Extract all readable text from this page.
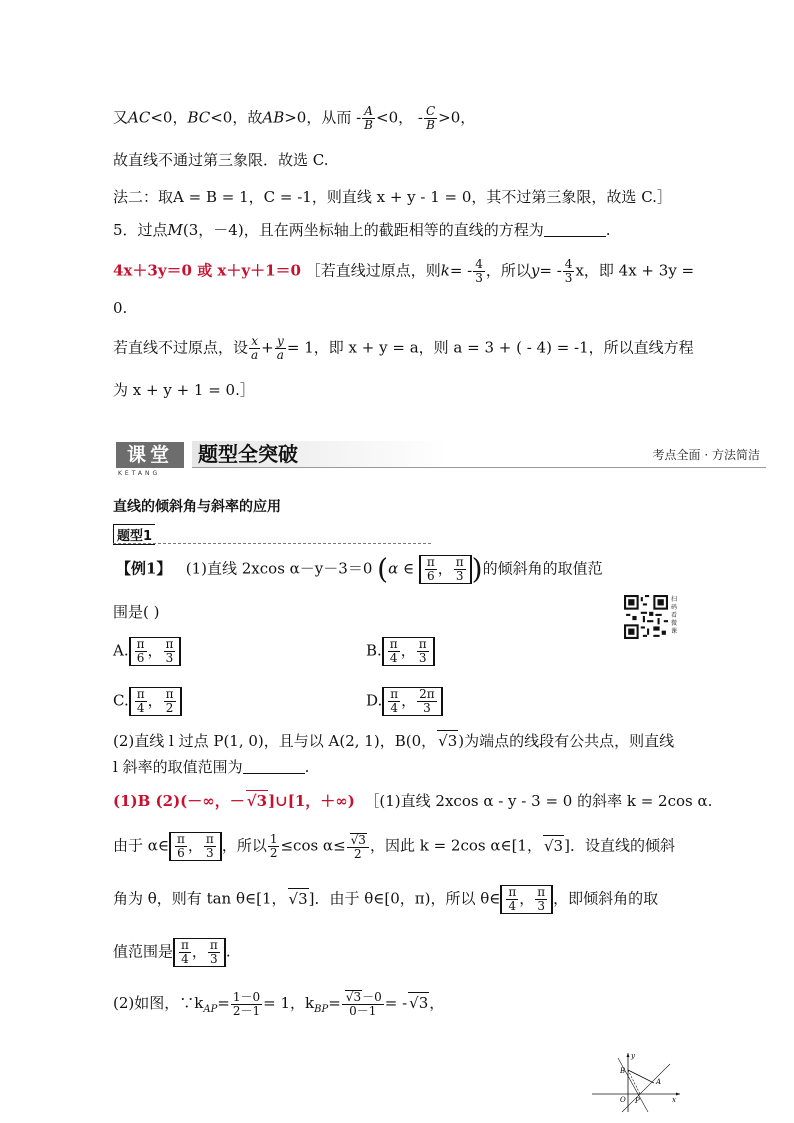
又AC<0，BC<0，故AB>0，从而 - $\frac{A}{B} <0$， - $\frac{C}{B} >0$，
故直线不通过第三象限．故选 C.
法二：取A = B = 1，C = -1，则直线 x + y - 1 = 0，其不过第三象限，故选 C.］
5．过点M(3，－4)，且在两坐标轴上的截距相等的直线的方程为	.
4x＋3y＝0 或 x＋y＋1＝0 ［若直线过原点，则$k= - \frac{4}{3}$ ，所以$y= - \frac{4}{3}$ x，即 4x + 3y =
0.
若直线不过原点，设 $\frac{x}{a} + \frac{y}{a} = 1$，即 x + y = a，则 a = 3 + ( - 4) = -1，所以直线方程
为 x + y + 1 = 0.］
课堂
KETANG
题型全突破	考点全面 · 方法简洁
直线的倾斜角与斜率的应用
题型1
【例1】 (1)直线 2xcos α－y－3＝0 (α ∈ $\frac{\pi}{6}$ ， $\frac{\pi}{3}$ )的倾斜角的取值范
围是( )
A. $\frac{\pi}{6}$ ， $\frac{\pi}{3}$	B. $\frac{\pi}{4}$ ， $\frac{\pi}{3}$
C. $\frac{\pi}{4}$ ， $\frac{\pi}{2}$	D. $\frac{\pi}{4}$ ， $\frac{2\pi}{3}$
扫码看微课
(2)直线 l 过点 P(1, 0)，且与以 A(2, 1)，B(0， √ 3)为端点的线段有公共点，则直线
l 斜率的取值范围为	.
(1)B (2)(－∞，－ √ 3]∪[1，＋∞) ［(1)直线 2xcos α - y - 3 = 0 的斜率 k = 2cos α.
由于 α∈ $\frac{\pi}{6}$ ， $\frac{\pi}{3}$ ，所以 $\frac{1}{2} \le\cos$ α≤ √ $\frac{3}{2}$ ，因此 k = 2cos α∈[1， √ 3]．设直线的倾斜
角为 θ，则有 tan θ∈[1， √ 3]．由于 θ∈[0，π)，所以 θ∈ $\frac{\pi}{4}$ ， $\frac{\pi}{3}$ ，即倾斜角的取
值范围是 $\frac{\pi}{4}$ ， $\frac{\pi}{3}$ .
(2)如图，$\because k_{AP}= \frac{1-0}{2-1} = 1$，$k_{BP}=$ √ $\frac{3-0}{0-1}$ = - √ 3，
y
x
B
A
O P
